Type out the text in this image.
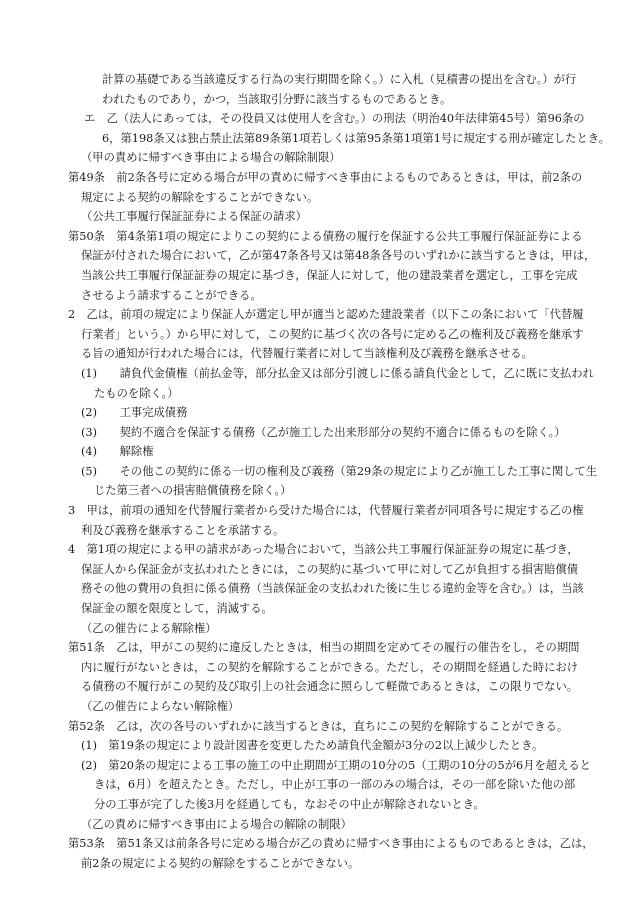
計算の基礎である当該違反する行為の実行期間を除く。）に入札（見積書の提出を含む。）が行
われたものであり，かつ，当該取引分野に該当するものであるとき。
エ　乙（法人にあっては，その役員又は使用人を含む。）の刑法（明治40年法律第45号）第96条の
6，第198条又は独占禁止法第89条第1項若しくは第95条第1項第1号に規定する刑が確定したとき。
（甲の責めに帰すべき事由による場合の解除制限）
第49条　前2条各号に定める場合が甲の責めに帰すべき事由によるものであるときは，甲は，前2条の
規定による契約の解除をすることができない。
（公共工事履行保証証券による保証の請求）
第50条　第4条第1項の規定によりこの契約による債務の履行を保証する公共工事履行保証証券による
保証が付された場合において，乙が第47条各号又は第48条各号のいずれかに該当するときは，甲は，
当該公共工事履行保証証券の規定に基づき，保証人に対して，他の建設業者を選定し，工事を完成
させるよう請求することができる。
2　乙は，前項の規定により保証人が選定し甲が適当と認めた建設業者（以下この条において「代替履
行業者」という。）から甲に対して，この契約に基づく次の各号に定める乙の権利及び義務を継承す
る旨の通知が行われた場合には，代替履行業者に対して当該権利及び義務を継承させる。
(1)　　請負代金債権（前払金等，部分払金又は部分引渡しに係る請負代金として，乙に既に支払われ
たものを除く。）
(2)　　工事完成債務
(3)　　契約不適合を保証する債務（乙が施工した出来形部分の契約不適合に係るものを除く。）
(4)　　解除権
(5)　　その他この契約に係る一切の権利及び義務（第29条の規定により乙が施工した工事に関して生
じた第三者への損害賠償債務を除く。）
3　甲は，前項の通知を代替履行業者から受けた場合には，代替履行業者が同項各号に規定する乙の権
利及び義務を継承することを承諾する。
4　第1項の規定による甲の請求があった場合において，当該公共工事履行保証証券の規定に基づき，
保証人から保証金が支払われたときには，この契約に基づいて甲に対して乙が負担する損害賠償債
務その他の費用の負担に係る債務（当該保証金の支払われた後に生じる違約金等を含む。）は，当該
保証金の額を限度として，消滅する。
（乙の催告による解除権）
第51条　乙は，甲がこの契約に違反したときは，相当の期間を定めてその履行の催告をし，その期間
内に履行がないときは，この契約を解除することができる。ただし，その期間を経過した時におけ
る債務の不履行がこの契約及び取引上の社会通念に照らして軽微であるときは，この限りでない。
（乙の催告によらない解除権）
第52条　乙は，次の各号のいずれかに該当するときは，直ちにこの契約を解除することができる。
(1)　第19条の規定により設計図書を変更したため請負代金額が3分の2以上減少したとき。
(2)　第20条の規定による工事の施工の中止期間が工期の10分の5（工期の10分の5が6月を超えると
きは，6月）を超えたとき。ただし，中止が工事の一部のみの場合は，その一部を除いた他の部
分の工事が完了した後3月を経過しても，なおその中止が解除されないとき。
（乙の責めに帰すべき事由による場合の解除の制限）
第53条　第51条又は前条各号に定める場合が乙の責めに帰すべき事由によるものであるときは，乙は，
前2条の規定による契約の解除をすることができない。
